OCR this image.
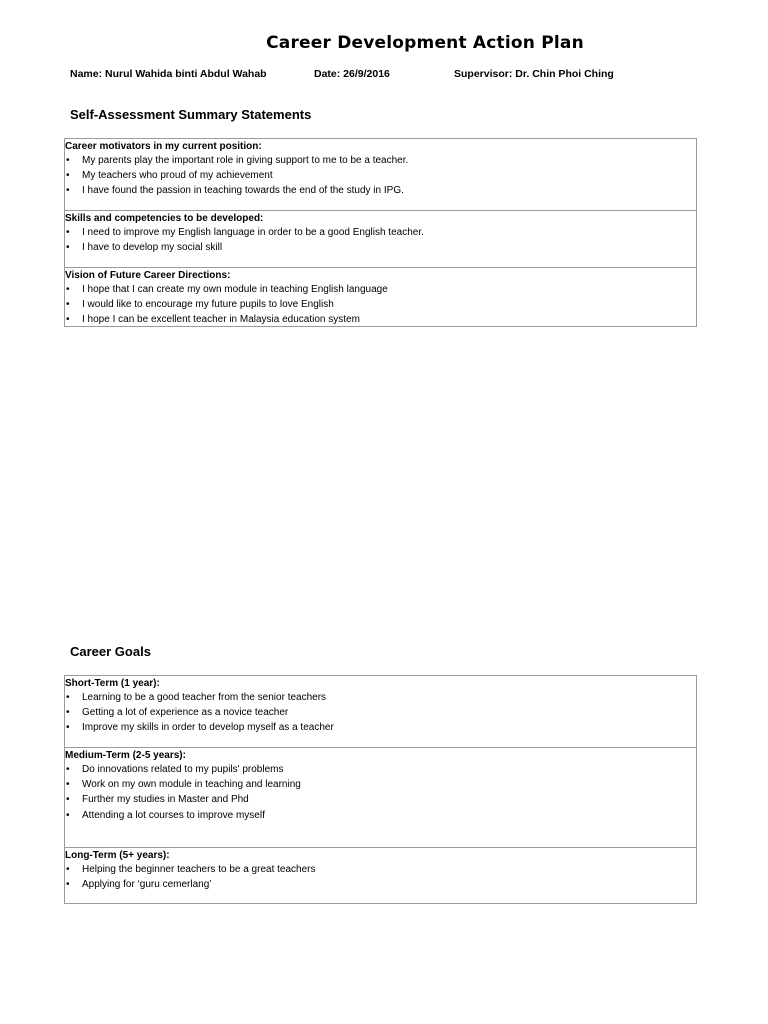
Career Development Action Plan
Name: Nurul Wahida binti Abdul Wahab	Date: 26/9/2016	Supervisor: Dr. Chin Phoi Ching
Self-Assessment Summary Statements
Career motivators in my current position:
• My parents play the important role in giving support to me to be a teacher.
• My teachers who proud of my achievement
• I have found the passion in teaching towards the end of the study in IPG.
Skills and competencies to be developed:
• I need to improve my English language in order to be a good English teacher.
• I have to develop my social skill
Vision of Future Career Directions:
• I hope that I can create my own module in teaching English language
• I would like to encourage my future pupils to love English
• I hope I can be excellent teacher in Malaysia education system
Career Goals
Short-Term (1 year):
• Learning to be a good teacher from the senior teachers
• Getting a lot of experience as a novice teacher
• Improve my skills in order to develop myself as a teacher
Medium-Term (2-5 years):
• Do innovations related to my pupils' problems
• Work on my own module in teaching and learning
• Further my studies in Master and Phd
• Attending a lot courses to improve myself
Long-Term (5+ years):
• Helping the beginner teachers to be a great teachers
• Applying for ‘guru cemerlang’
